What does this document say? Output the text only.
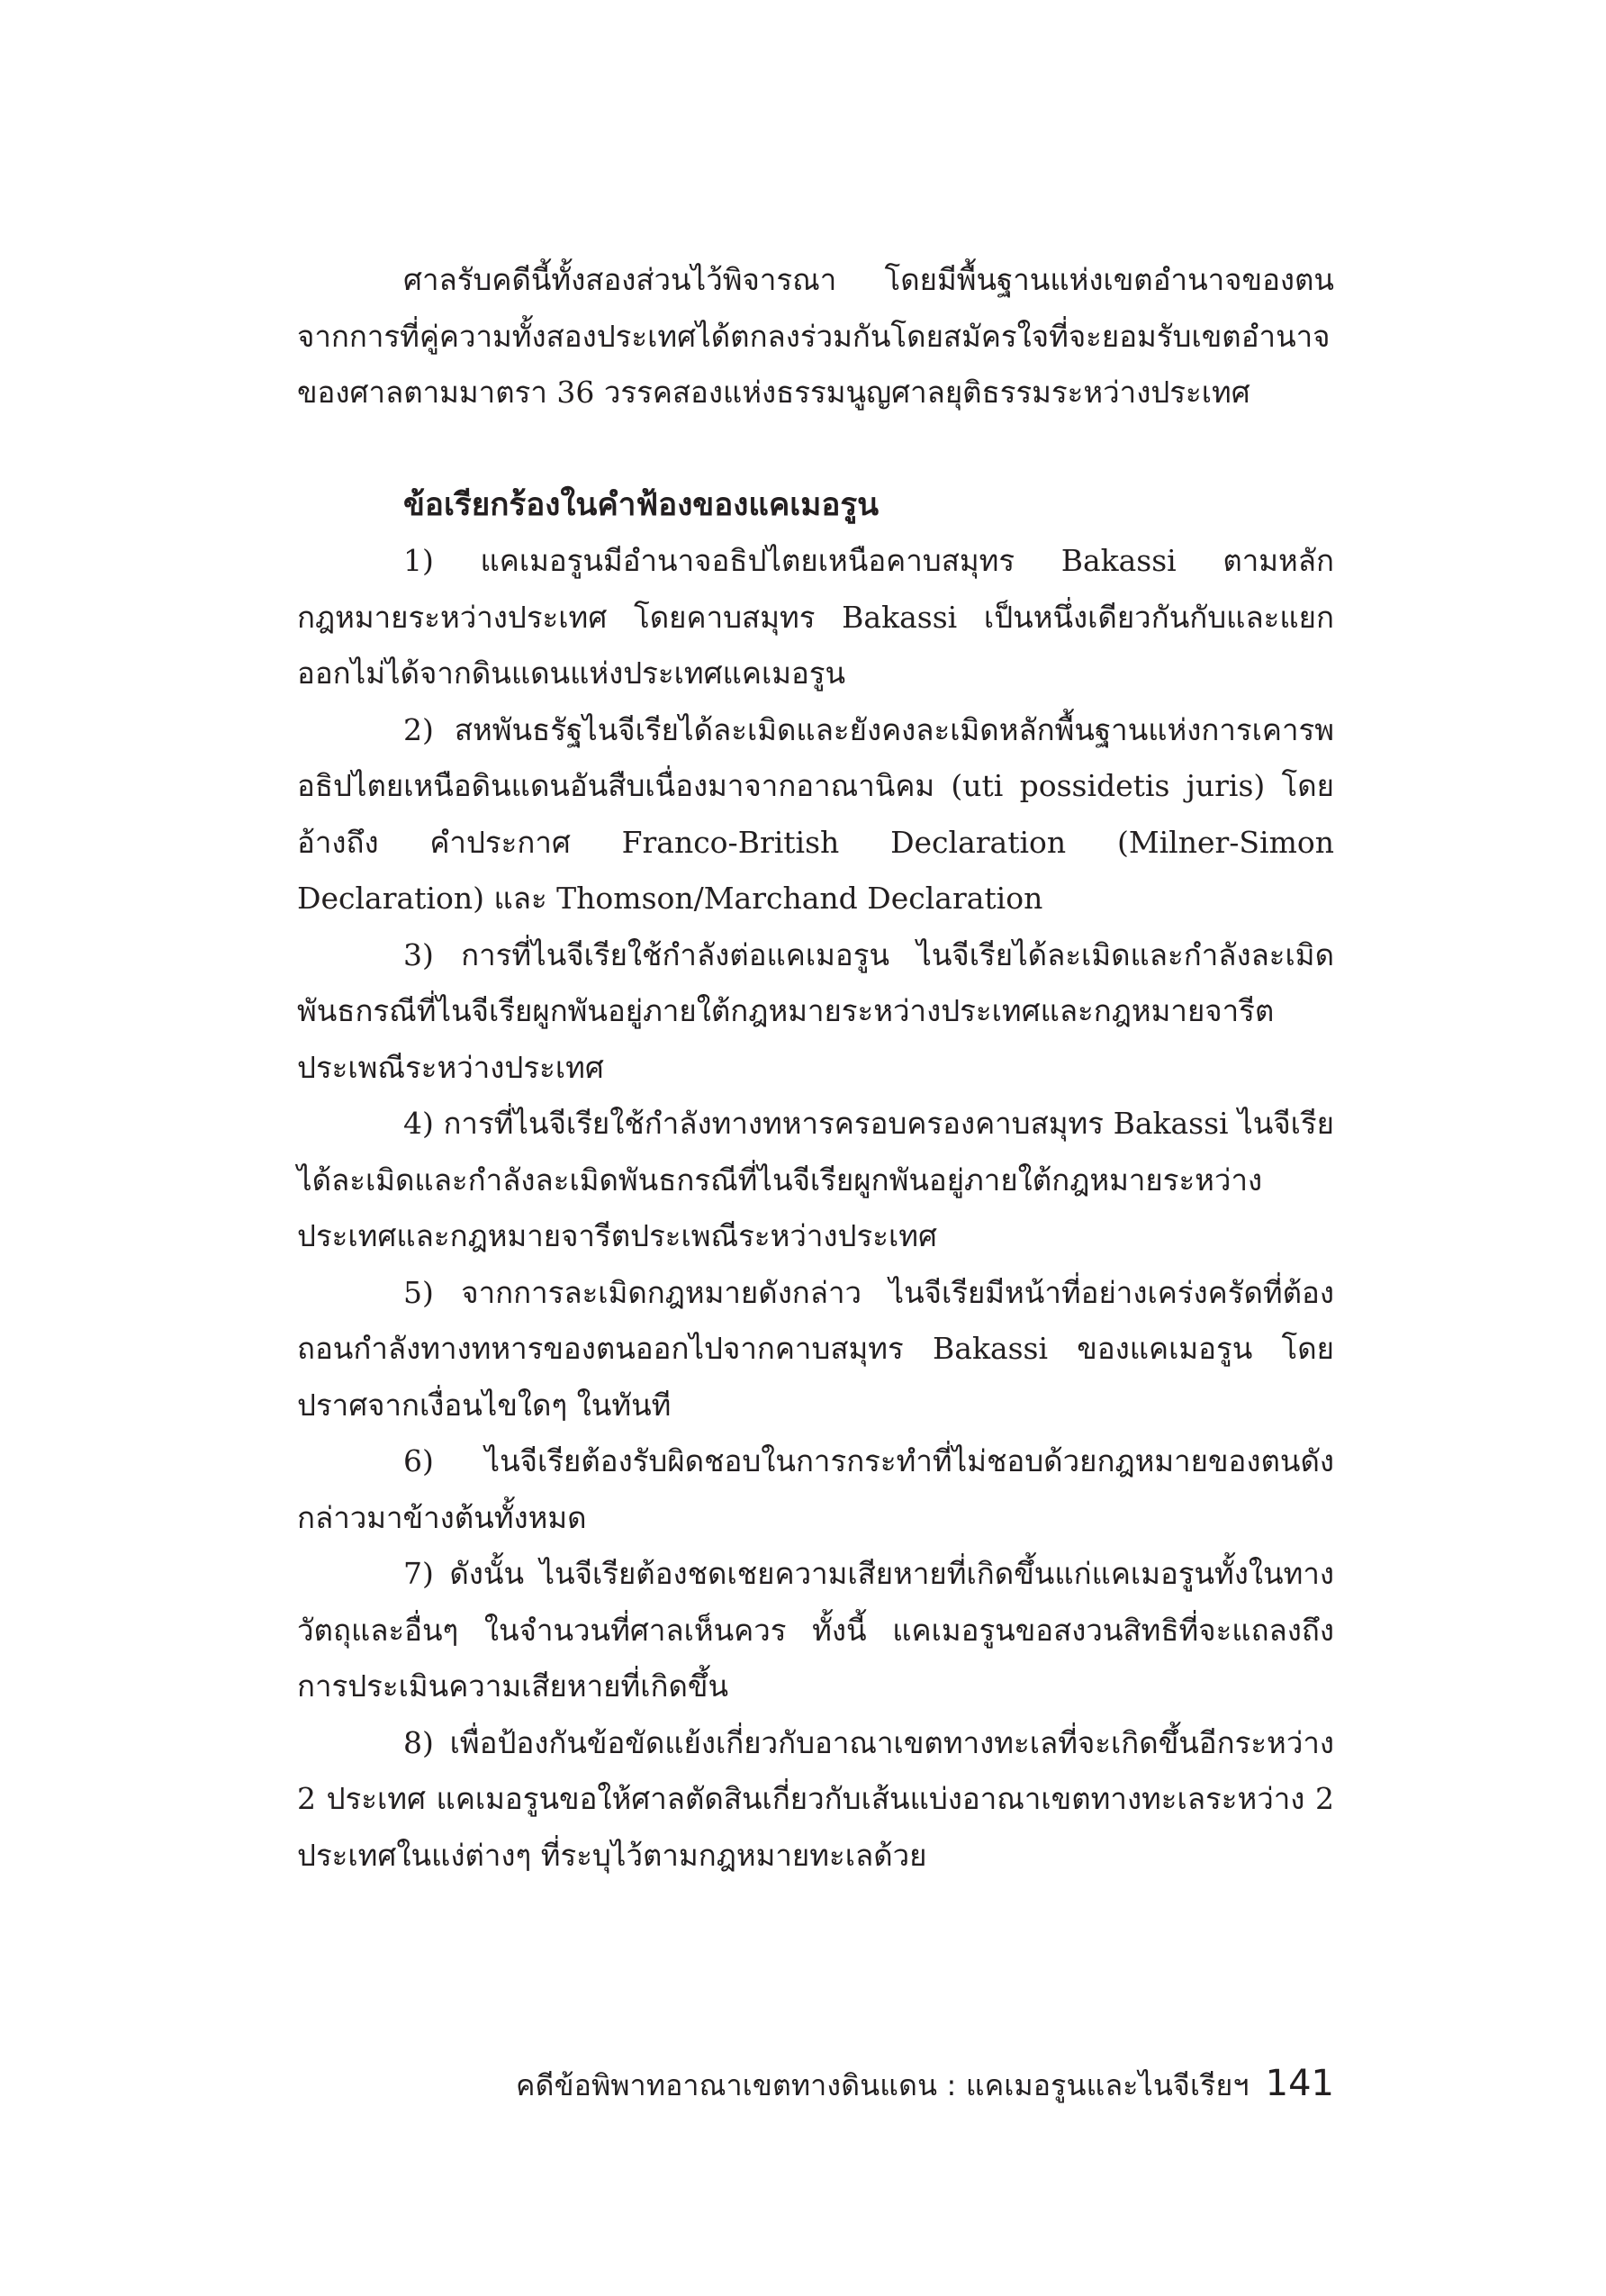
ศาลรับคดีนี้ทั้งสองส่วนไว้พิจารณา โดยมีพื้นฐานแห่งเขตอำนาจของตนจากการที่คู่ความทั้งสองประเทศได้ตกลงร่วมกันโดยสมัครใจที่จะยอมรับเขตอำนาจของศาลตามมาตรา 36 วรรคสองแห่งธรรมนูญศาลยุติธรรมระหว่างประเทศ

ข้อเรียกร้องในคำฟ้องของแคเมอรูน

1) แคเมอรูนมีอำนาจอธิปไตยเหนือคาบสมุทร Bakassi ตามหลักกฎหมายระหว่างประเทศ โดยคาบสมุทร Bakassi เป็นหนึ่งเดียวกันกับและแยกออกไม่ได้จากดินแดนแห่งประเทศแคเมอรูน

2) สหพันธรัฐไนจีเรียได้ละเมิดและยังคงละเมิดหลักพื้นฐานแห่งการเคารพอธิปไตยเหนือดินแดนอันสืบเนื่องมาจากอาณานิคม (uti possidetis juris) โดยอ้างถึง คำประกาศ Franco-British Declaration (Milner-Simon Declaration) และ Thomson/Marchand Declaration

3) การที่ไนจีเรียใช้กำลังต่อแคเมอรูน ไนจีเรียได้ละเมิดและกำลังละเมิดพันธกรณีที่ไนจีเรียผูกพันอยู่ภายใต้กฎหมายระหว่างประเทศและกฎหมายจารีตประเพณีระหว่างประเทศ

4) การที่ไนจีเรียใช้กำลังทางทหารครอบครองคาบสมุทร Bakassi ไนจีเรียได้ละเมิดและกำลังละเมิดพันธกรณีที่ไนจีเรียผูกพันอยู่ภายใต้กฎหมายระหว่างประเทศและกฎหมายจารีตประเพณีระหว่างประเทศ

5) จากการละเมิดกฎหมายดังกล่าว ไนจีเรียมีหน้าที่อย่างเคร่งครัดที่ต้องถอนกำลังทางทหารของตนออกไปจากคาบสมุทร Bakassi ของแคเมอรูน โดยปราศจากเงื่อนไขใดๆ ในทันที

6) ไนจีเรียต้องรับผิดชอบในการกระทำที่ไม่ชอบด้วยกฎหมายของตนดังกล่าวมาข้างต้นทั้งหมด

7) ดังนั้น ไนจีเรียต้องชดเชยความเสียหายที่เกิดขึ้นแก่แคเมอรูนทั้งในทางวัตถุและอื่นๆ ในจำนวนที่ศาลเห็นควร ทั้งนี้ แคเมอรูนขอสงวนสิทธิที่จะแถลงถึงการประเมินความเสียหายที่เกิดขึ้น

8) เพื่อป้องกันข้อขัดแย้งเกี่ยวกับอาณาเขตทางทะเลที่จะเกิดขึ้นอีกระหว่าง 2 ประเทศ แคเมอรูนขอให้ศาลตัดสินเกี่ยวกับเส้นแบ่งอาณาเขตทางทะเลระหว่าง 2 ประเทศในแง่ต่างๆ ที่ระบุไว้ตามกฎหมายทะเลด้วย

คดีข้อพิพาทอาณาเขตทางดินแดน : แคเมอรูนและไนจีเรียฯ 141
